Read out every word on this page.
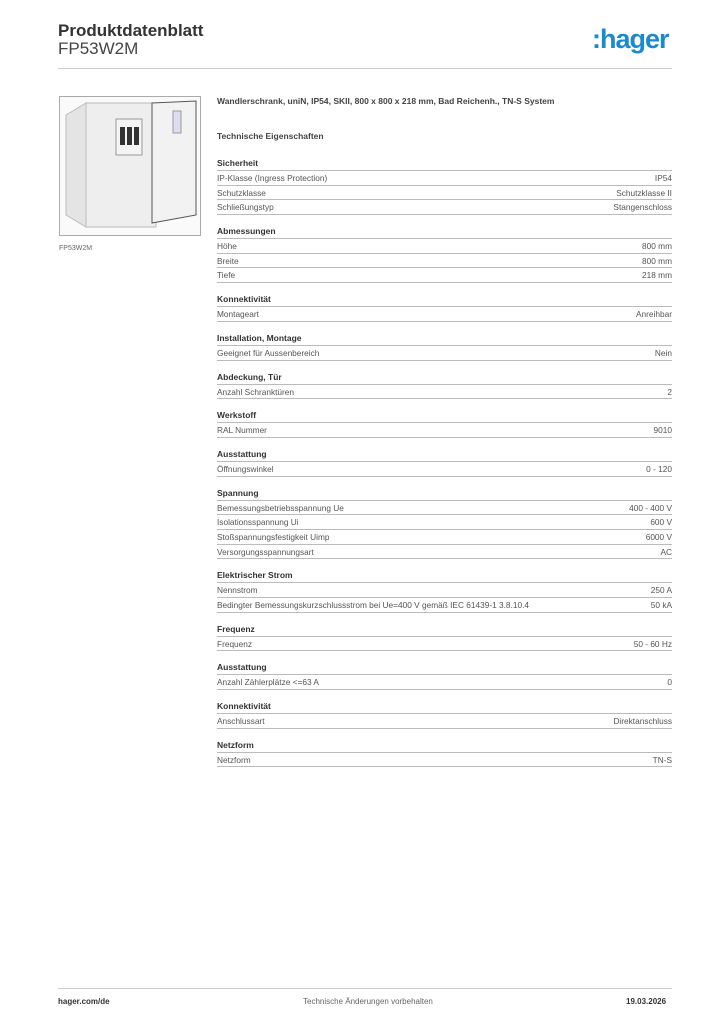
Produktdatenblatt
FP53W2M	:hager
FP53W2M
Wandlerschrank, uniN, IP54, SKII, 800 x 800 x 218 mm, Bad Reichenh., TN-S System
Technische Eigenschaften
Sicherheit
IP-Klasse (Ingress Protection)	IP54
Schutzklasse	Schutzklasse II
Schließungstyp	Stangenschloss
Abmessungen
Höhe	800 mm
Breite	800 mm
Tiefe	218 mm
Konnektivität
Montageart	Anreihbar
Installation, Montage
Geeignet für Aussenbereich	Nein
Abdeckung, Tür
Anzahl Schranktüren	2
Werkstoff
RAL Nummer	9010
Ausstattung
Öffnungswinkel	0 - 120
Spannung
Bemessungsbetriebsspannung Ue	400 - 400 V
Isolationsspannung Ui	600 V
Stoßspannungsfestigkeit Uimp	6000 V
Versorgungsspannungsart	AC
Elektrischer Strom
Nennstrom	250 A
Bedingter Bemessungskurzschlussstrom bei Ue=400 V gemäß IEC 61439-1 3.8.10.4	50 kA
Frequenz
Frequenz	50 - 60 Hz
Ausstattung
Anzahl Zählerplätze <=63 A	0
Konnektivität
Anschlussart	Direktanschluss
Netzform
Netzform	TN-S
hager.com/de	Technische Änderungen vorbehalten	19.03.2026
